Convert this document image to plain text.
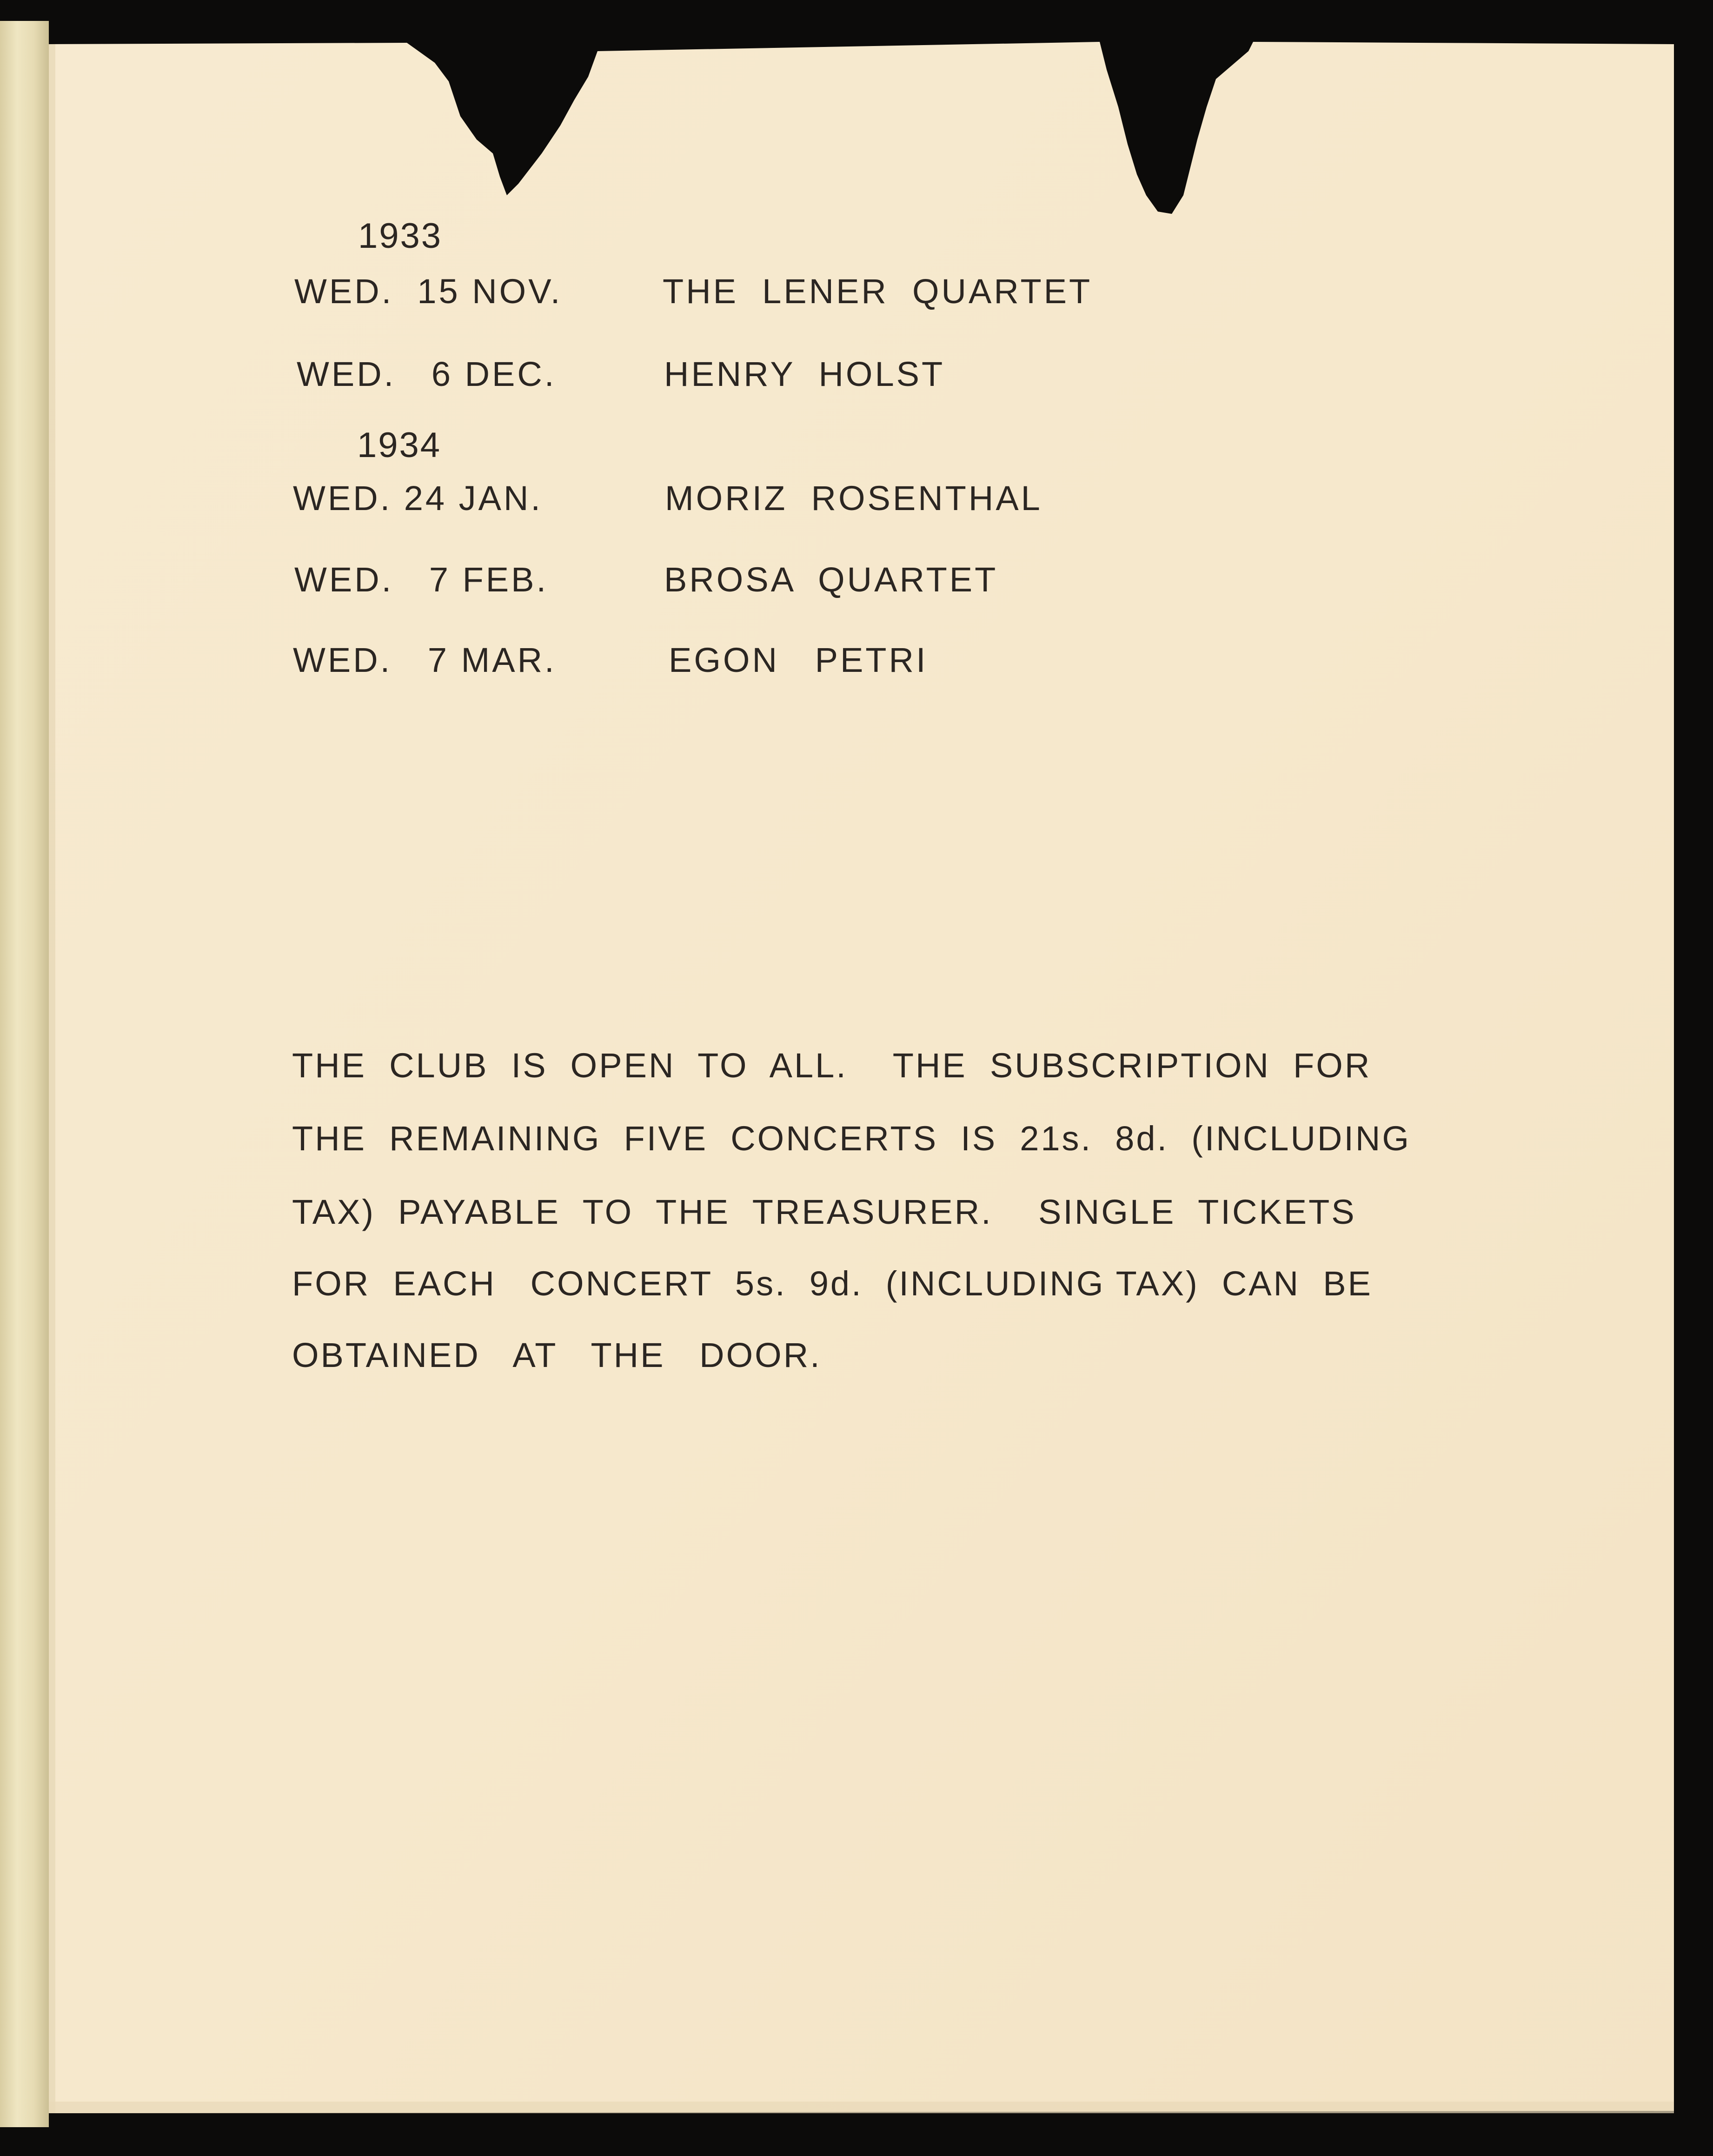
1933
WED.  15 NOV.	THE  LENER  QUARTET
WED.   6 DEC.	HENRY  HOLST
1934
WED. 24 JAN.	MORIZ  ROSENTHAL
WED.   7 FEB.	BROSA  QUARTET
WED.   7 MAR.	EGON   PETRI
THE  CLUB  IS  OPEN  TO  ALL.    THE  SUBSCRIPTION  FOR
THE  REMAINING  FIVE  CONCERTS  IS  21s.  8d.  (INCLUDING
TAX)  PAYABLE  TO  THE  TREASURER.    SINGLE  TICKETS
FOR  EACH   CONCERT  5s.  9d.  (INCLUDING TAX)  CAN  BE
OBTAINED   AT   THE   DOOR.
